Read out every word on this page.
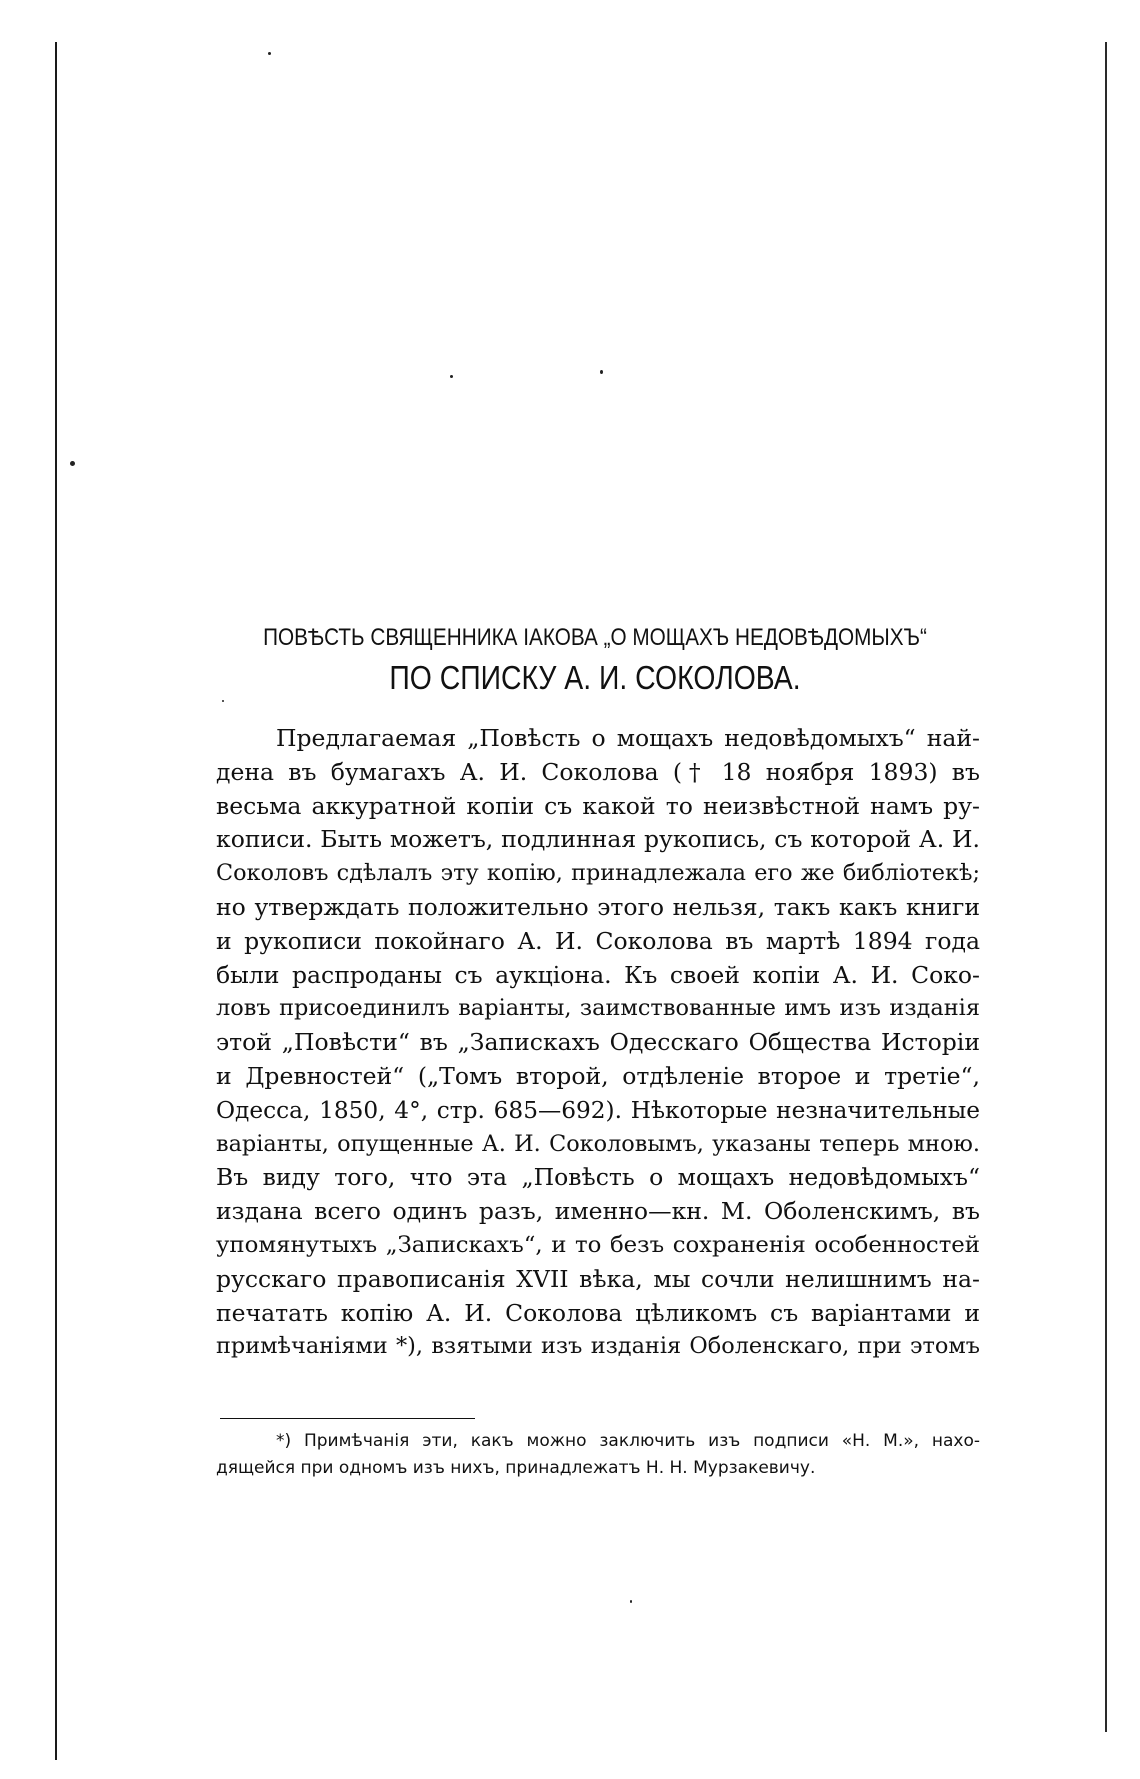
ПОВѢСТЬ СВЯЩЕННИКА ІАКОВА „О МОЩАХЪ НЕДОВѢДОМЫХЪ“
ПО СПИСКУ А. И. СОКОЛОВА.
Предлагаемая „Повѣсть о мощахъ недовѣдомыхъ“ най-
дена въ бумагахъ А. И. Соколова († 18 ноября 1893) въ
весьма аккуратной копіи съ какой то неизвѣстной намъ ру-
кописи. Быть можетъ, подлинная рукопись, съ которой А. И.
Соколовъ сдѣлалъ эту копію, принадлежала его же библіотекѣ;
но утверждать положительно этого нельзя, такъ какъ книги
и рукописи покойнаго А. И. Соколова въ мартѣ 1894 года
были распроданы съ аукціона. Къ своей копіи А. И. Соко-
ловъ присоединилъ варіанты, заимствованные имъ изъ изданія
этой „Повѣсти“ въ „Запискахъ Одесскаго Общества Исторіи
и Древностей“ („Томъ второй, отдѣленіе второе и третіе“,
Одесса, 1850, 4°, стр. 685—692). Нѣкоторые незначительные
варіанты, опущенные А. И. Соколовымъ, указаны теперь мною.
Въ виду того, что эта „Повѣсть о мощахъ недовѣдомыхъ“
издана всего одинъ разъ, именно—кн. М. Оболенскимъ, въ
упомянутыхъ „Запискахъ“, и то безъ сохраненія особенностей
русскаго правописанія XVII вѣка, мы сочли нелишнимъ на-
печатать копію А. И. Соколова цѣликомъ съ варіантами и
примѣчаніями *), взятыми изъ изданія Оболенскаго, при этомъ
*) Примѣчанія эти, какъ можно заключить изъ подписи «Н. М.», нахо-
дящейся при одномъ изъ нихъ, принадлежатъ Н. Н. Мурзакевичу.
